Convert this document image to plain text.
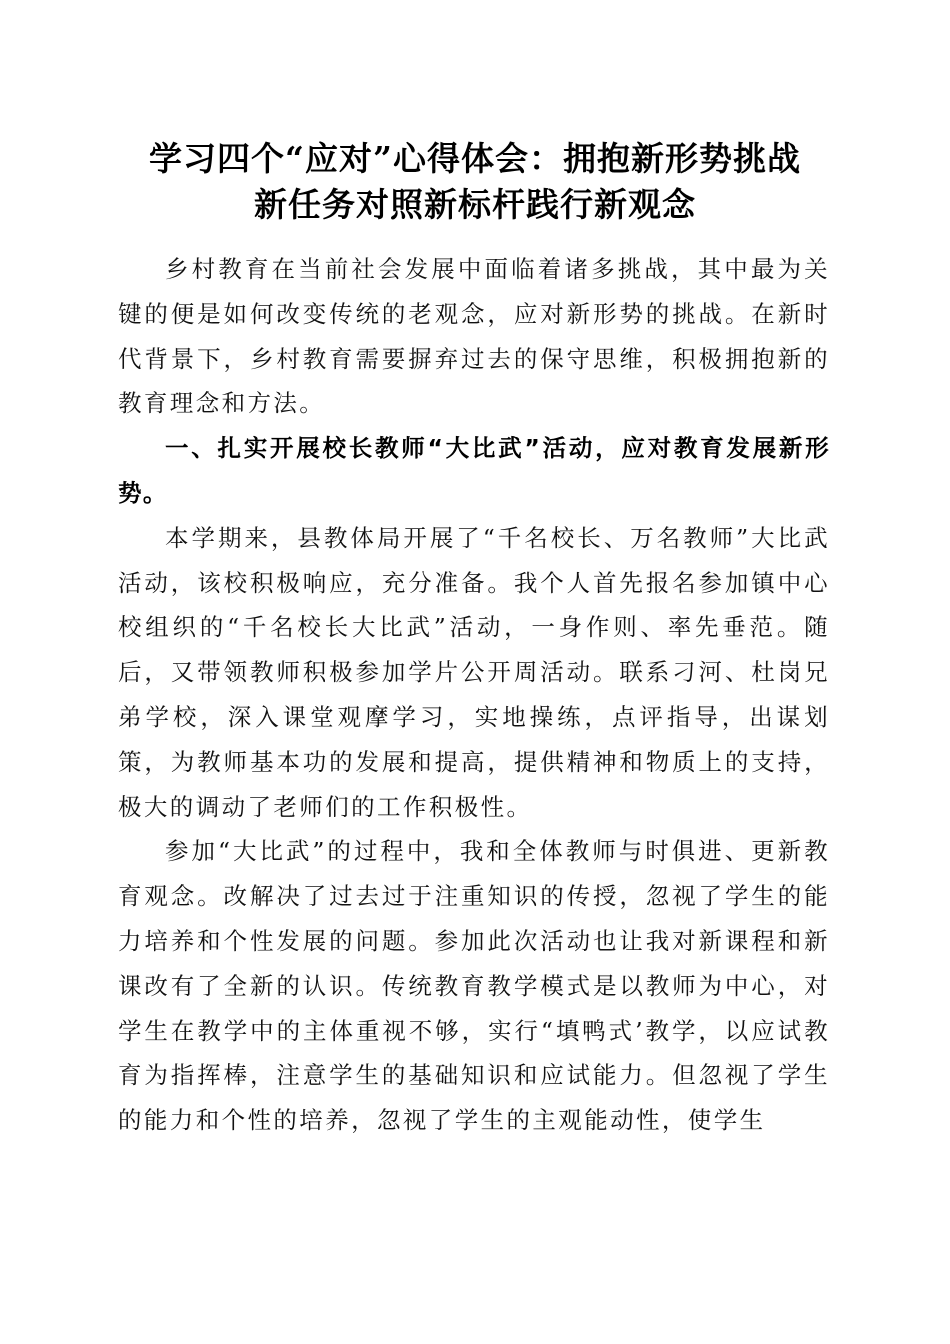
学习四个“应对”心得体会：拥抱新形势挑战
新任务对照新标杆践行新观念

乡村教育在当前社会发展中面临着诸多挑战，其中最为关键的便是如何改变传统的老观念，应对新形势的挑战。在新时代背景下，乡村教育需要摒弃过去的保守思维，积极拥抱新的教育理念和方法。

一、扎实开展校长教师“大比武”活动，应对教育发展新形势。

本学期来，县教体局开展了“千名校长、万名教师”大比武活动，该校积极响应，充分准备。我个人首先报名参加镇中心校组织的“千名校长大比武”活动，一身作则、率先垂范。随后，又带领教师积极参加学片公开周活动。联系刁河、杜岗兄弟学校，深入课堂观摩学习，实地操练，点评指导，出谋划策，为教师基本功的发展和提高，提供精神和物质上的支持，极大的调动了老师们的工作积极性。

参加“大比武”的过程中，我和全体教师与时俱进、更新教育观念。改解决了过去过于注重知识的传授，忽视了学生的能力培养和个性发展的问题。参加此次活动也让我对新课程和新课改有了全新的认识。传统教育教学模式是以教师为中心，对学生在教学中的主体重视不够，实行“填鸭式’教学，以应试教育为指挥棒，注意学生的基础知识和应试能力。但忽视了学生的能力和个性的培养，忽视了学生的主观能动性，使学生
